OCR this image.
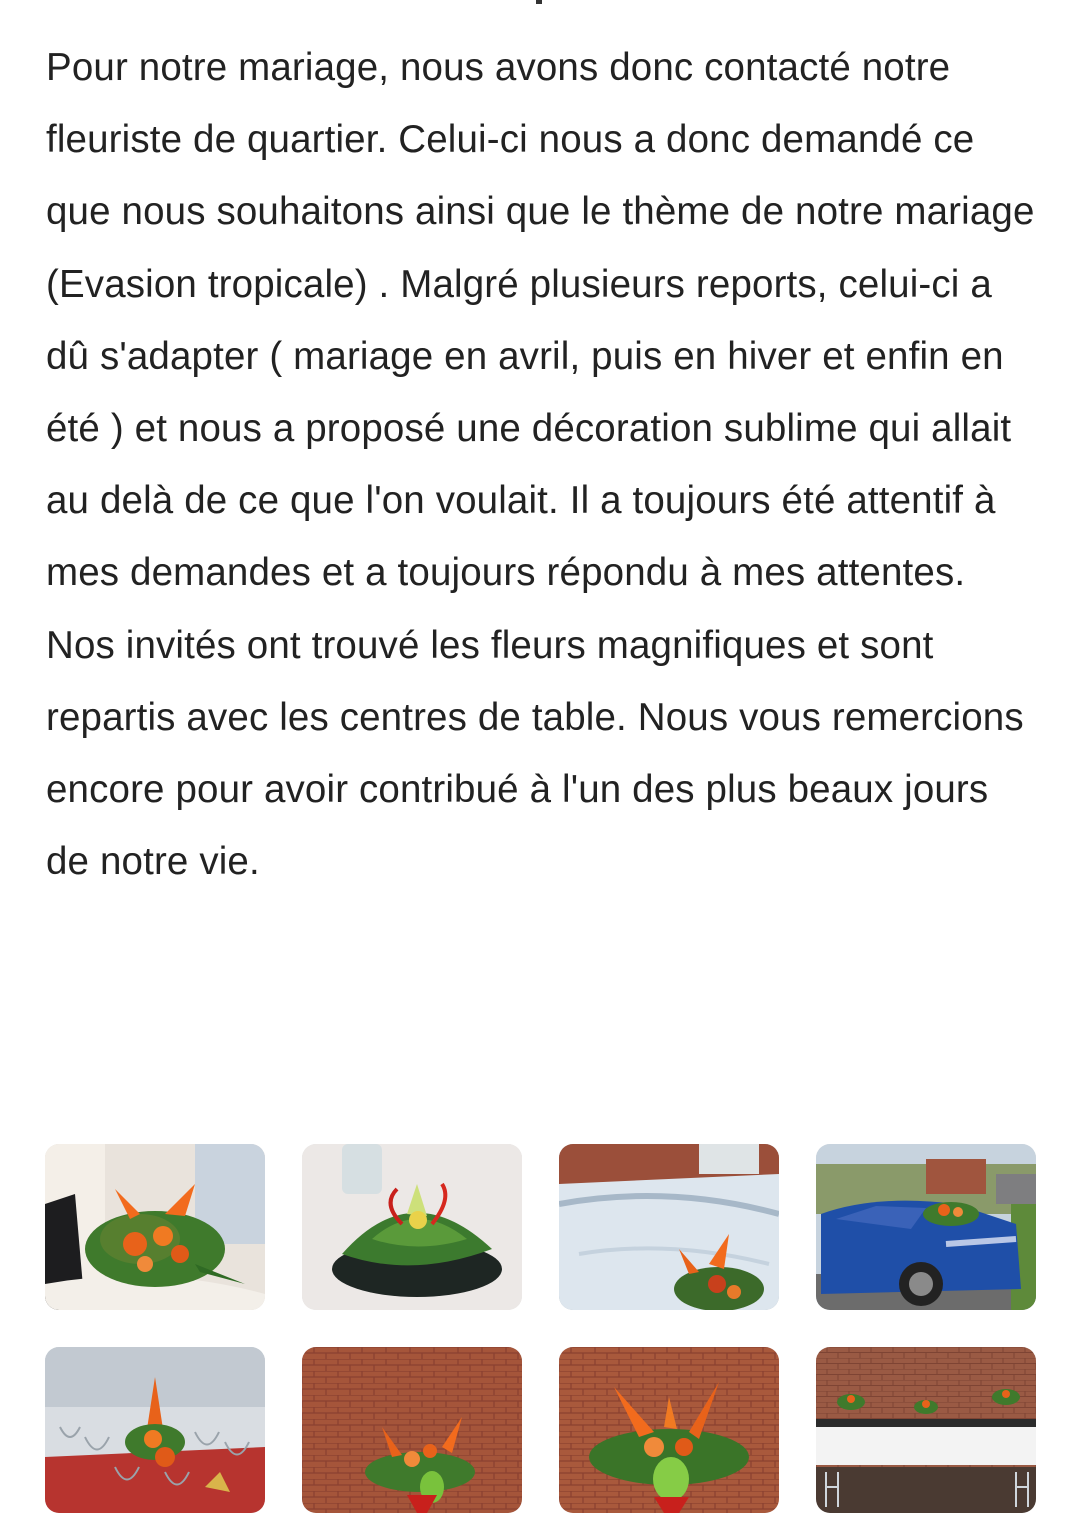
Pour notre mariage, nous avons donc contacté notre fleuriste de quartier. Celui-ci nous a donc demandé ce que nous souhaitons ainsi que le thème de notre mariage (Evasion tropicale) . Malgré plusieurs reports, celui-ci a dû s'adapter ( mariage en avril, puis en hiver et enfin en été ) et nous a proposé une décoration sublime qui allait au delà de ce que l'on voulait. Il a toujours été attentif à mes demandes et a toujours répondu à mes attentes. Nos invités ont trouvé les fleurs magnifiques et sont repartis avec les centres de table. Nous vous remercions encore pour avoir contribué à l'un des plus beaux jours de notre vie.
